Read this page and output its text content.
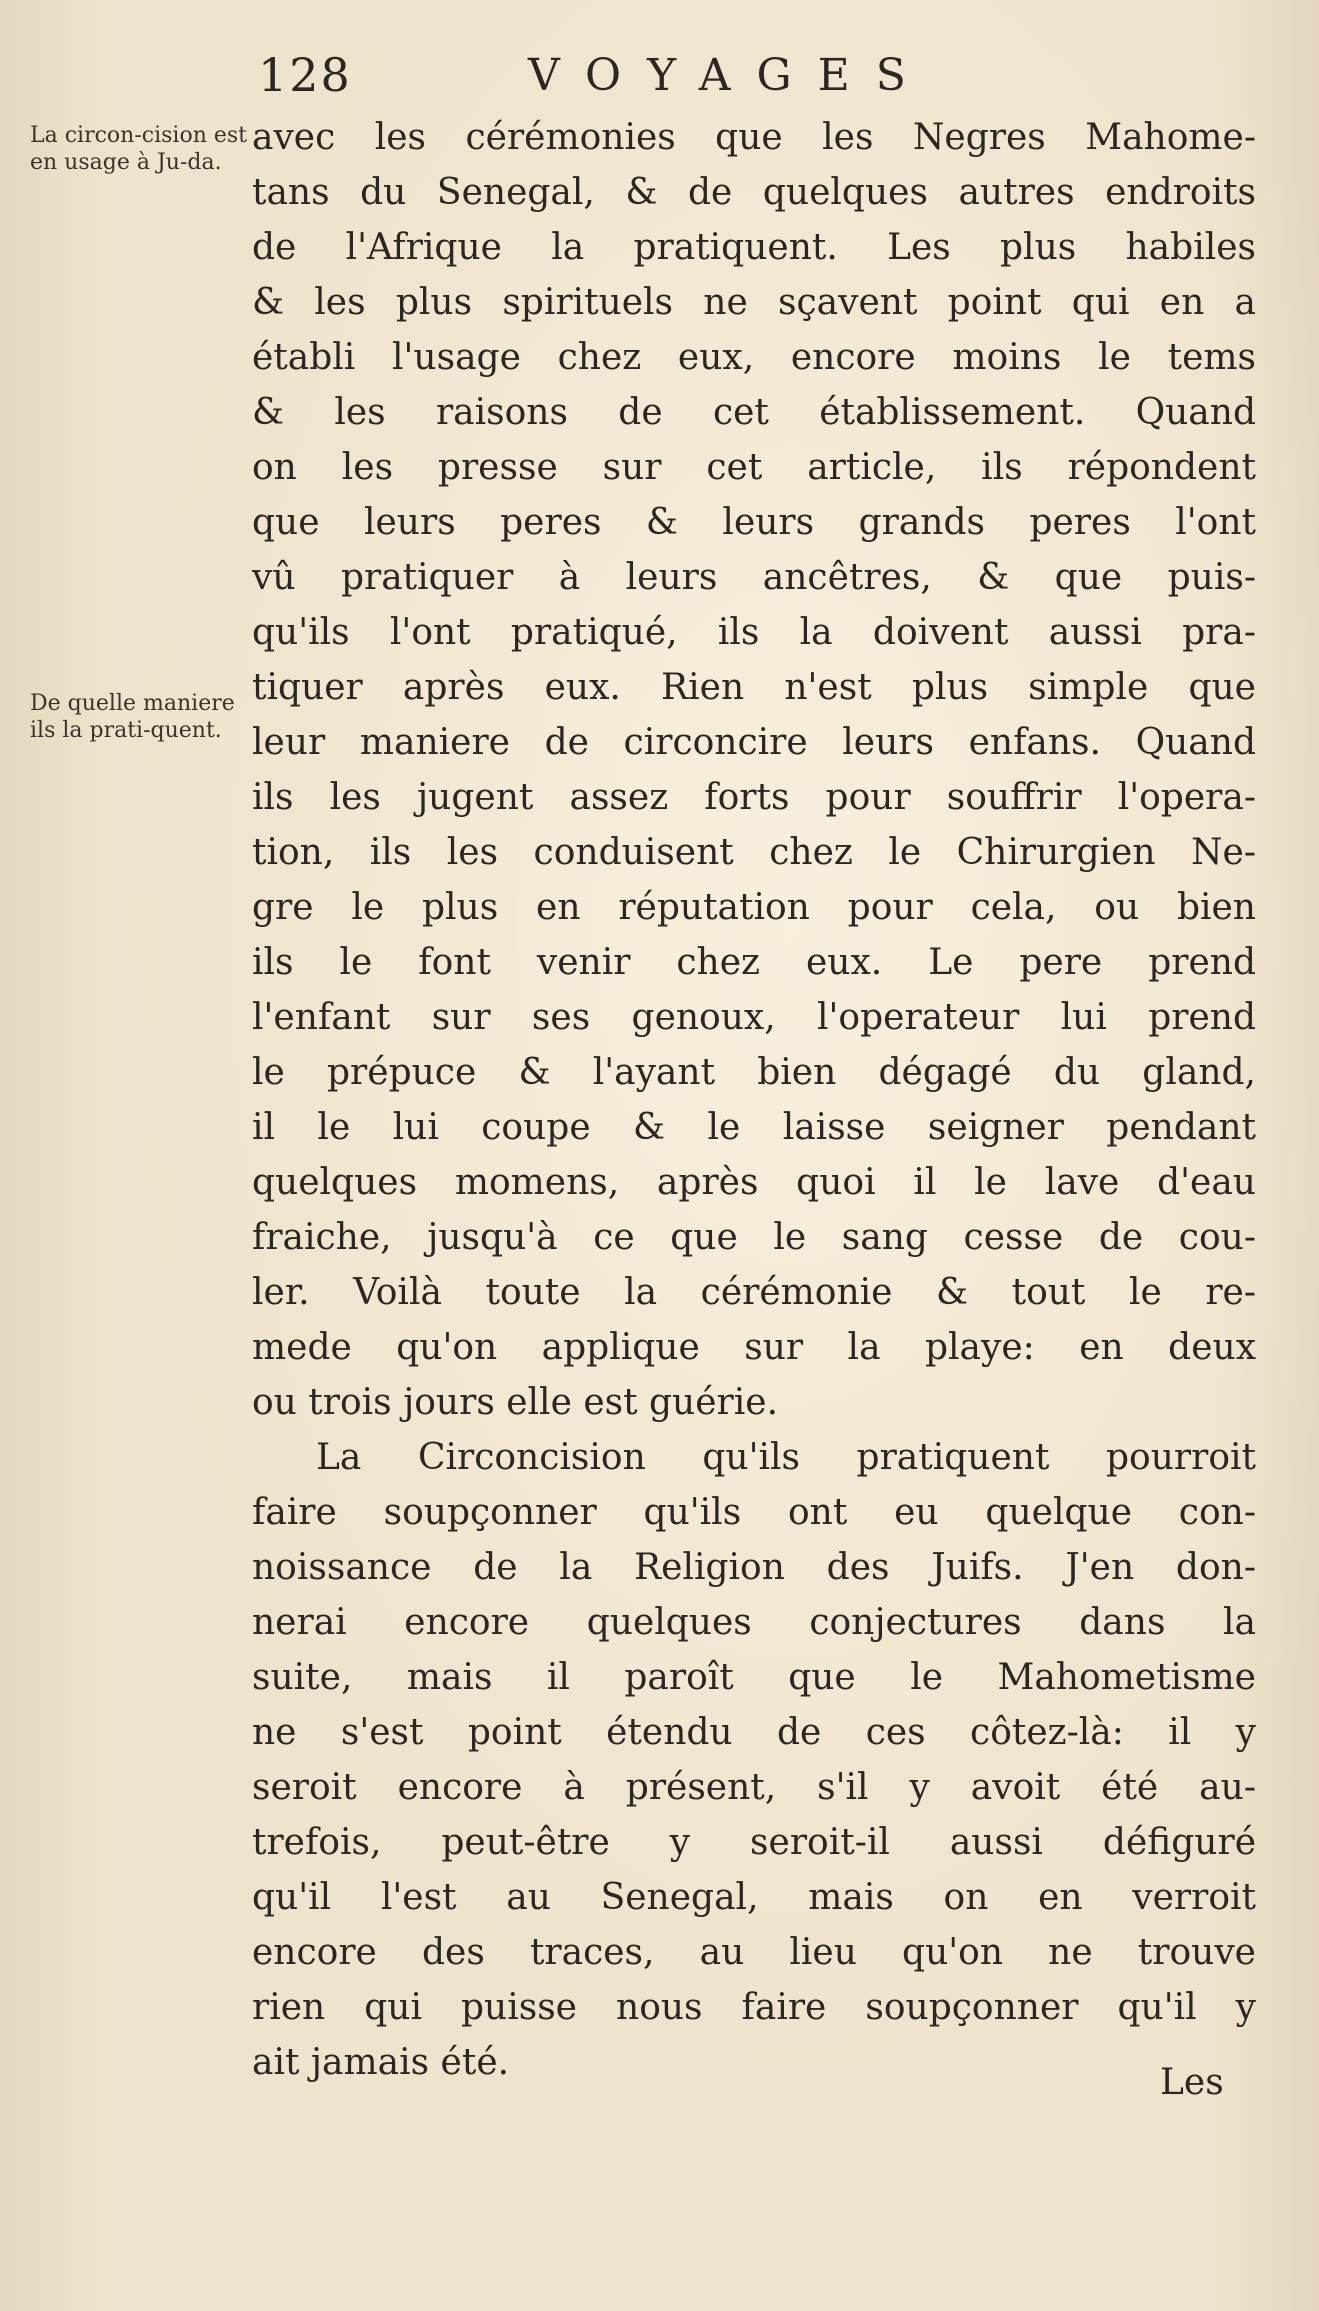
128	VOYAGES
La circon-cision est en usage à Ju-da.
De quelle maniere ils la prati-quent.
avec les cérémonies que les Negres Mahome-
tans du Senegal, & de quelques autres endroits
de l'Afrique la pratiquent. Les plus habiles
& les plus spirituels ne sçavent point qui en a
établi l'usage chez eux, encore moins le tems
& les raisons de cet établissement. Quand
on les presse sur cet article, ils répondent
que leurs peres & leurs grands peres l'ont
vû pratiquer à leurs ancêtres, & que puis-
qu'ils l'ont pratiqué, ils la doivent aussi pra-
tiquer après eux. Rien n'est plus simple que
leur maniere de circoncire leurs enfans. Quand
ils les jugent assez forts pour souffrir l'opera-
tion, ils les conduisent chez le Chirurgien Ne-
gre le plus en réputation pour cela, ou bien
ils le font venir chez eux. Le pere prend
l'enfant sur ses genoux, l'operateur lui prend
le prépuce & l'ayant bien dégagé du gland,
il le lui coupe & le laisse seigner pendant
quelques momens, après quoi il le lave d'eau
fraiche, jusqu'à ce que le sang cesse de cou-
ler. Voilà toute la cérémonie & tout le re-
mede qu'on applique sur la playe: en deux
ou trois jours elle est guérie.
La Circoncision qu'ils pratiquent pourroit
faire soupçonner qu'ils ont eu quelque con-
noissance de la Religion des Juifs. J'en don-
nerai encore quelques conjectures dans la
suite, mais il paroît que le Mahometisme
ne s'est point étendu de ces côtez-là: il y
seroit encore à présent, s'il y avoit été au-
trefois, peut-être y seroit-il aussi défiguré
qu'il l'est au Senegal, mais on en verroit
encore des traces, au lieu qu'on ne trouve
rien qui puisse nous faire soupçonner qu'il y
ait jamais été.	Les
